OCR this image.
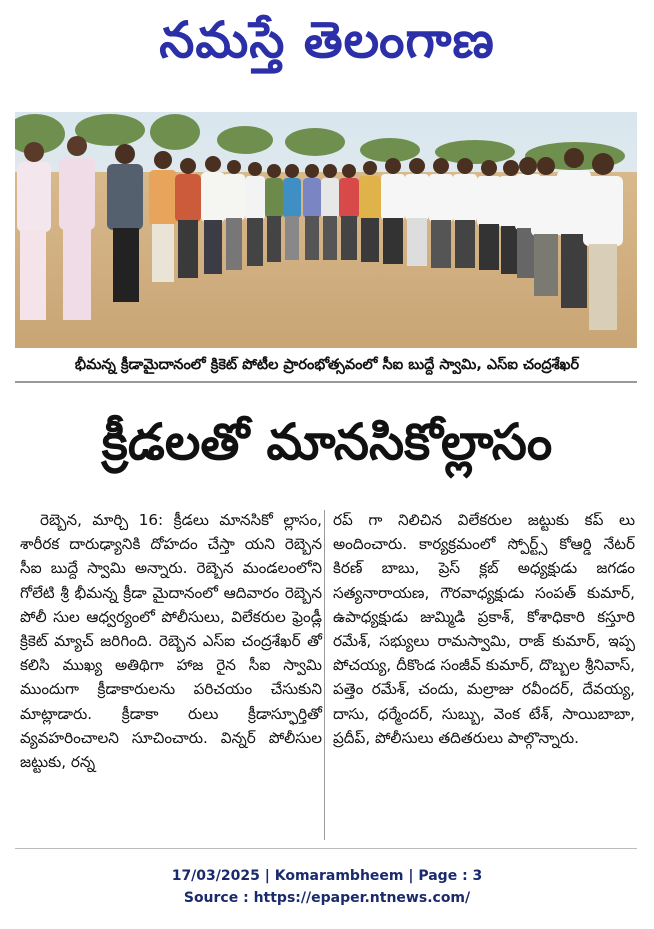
నమస్తే తెలంగాణ
భీమన్న క్రీడామైదానంలో క్రికెట్ పోటీల ప్రారంభోత్సవంలో సీఐ బుద్దే స్వామి, ఎస్ఐ చంద్రశేఖర్
క్రీడలతో మానసికోల్లాసం

రెబ్బెన, మార్చి 16: క్రీడలు మానసికో ల్లాసం, శారీరక దారుఢ్యానికి దోహదం చేస్తా యని రెబ్బెన సీఐ బుద్దే స్వామి అన్నారు. రెబ్బెన మండలంలోని గోలేటి శ్రీ భీమన్న క్రీడా మైదానంలో ఆదివారం రెబ్బెన పోలీ సుల ఆధ్వర్యంలో పోలీసులు, విలేకరుల ఫ్రెండ్లీ క్రికెట్ మ్యాచ్ జరిగింది. రెబ్బెన ఎస్ఐ చంద్రశేఖర్ తో కలిసి ముఖ్య అతిథిగా హాజ రైన సీఐ స్వామి ముందుగా క్రీడాకారులను పరిచయం చేసుకుని మాట్లాడారు. క్రీడాకా రులు క్రీడాస్ఫూర్తితో వ్యవహరించాలని సూచించారు. విన్నర్ పోలీసుల జట్టుకు, రన్న

రప్ గా నిలిచిన విలేకరుల జట్టుకు కప్ లు అందించారు. కార్యక్రమంలో స్పోర్ట్స్ కోఆర్డి నేటర్ కిరణ్ బాబు, ప్రెస్ క్లబ్ అధ్యక్షుడు జగడం సత్యనారాయణ, గౌరవాధ్యక్షుడు సంపత్ కుమార్, ఉపాధ్యక్షుడు జుమ్మిడి ప్రకాశ్, కోశాధికారి కస్తూరి రమేశ్, సభ్యులు రామస్వామి, రాజ్ కుమార్, ఇప్ప పోచయ్య, దీకొండ సంజీవ్ కుమార్, దొబ్బల శ్రీనివాస్, పత్తెం రమేశ్, చందు, మల్రాజు రవీందర్, దేవయ్య, దాసు, ధర్మేందర్, సుబ్బు, వెంక టేశ్, సాయిబాబా, ప్రదీప్, పోలీసులు తదితరులు పాల్గొన్నారు.

17/03/2025 | Komarambheem | Page : 3
Source : https://epaper.ntnews.com/
